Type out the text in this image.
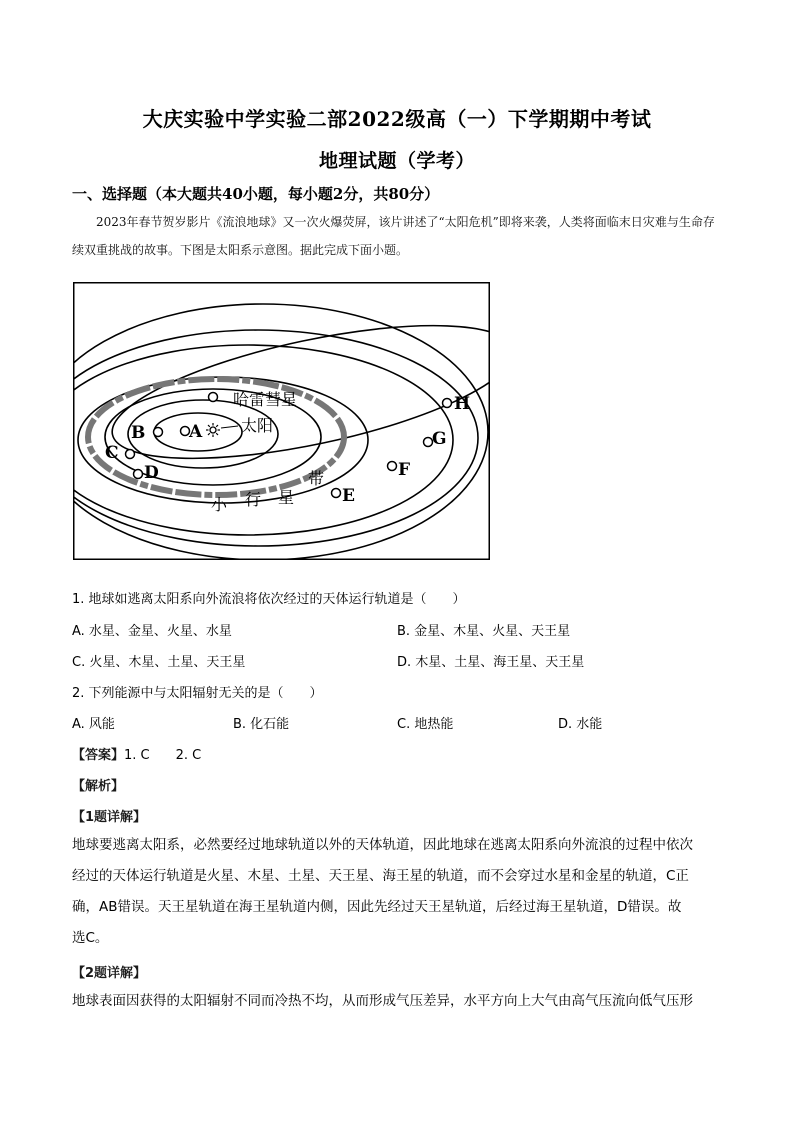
大庆实验中学实验二部2022级高（一）下学期期中考试
地理试题（学考）
一、选择题（本大题共40小题，每小题2分，共80分）
2023年春节贺岁影片《流浪地球》又一次火爆荧屏，该片讲述了“太阳危机”即将来袭，人类将面临末日灾难与生命存续双重挑战的故事。下图是太阳系示意图。据此完成下面小题。
哈雷彗星
太阳
A
B
C
D
E
F
G
H
小 行 星
带
1. 地球如逃离太阳系向外流浪将依次经过的天体运行轨道是（　　）
A. 水星、金星、火星、水星	B. 金星、木星、火星、天王星
C. 火星、木星、土星、天王星	D. 木星、土星、海王星、天王星
2. 下列能源中与太阳辐射无关的是（　　）
A. 风能	B. 化石能	C. 地热能	D. 水能
【答案】1. C　　2. C
【解析】
【1题详解】
地球要逃离太阳系，必然要经过地球轨道以外的天体轨道，因此地球在逃离太阳系向外流浪的过程中依次
经过的天体运行轨道是火星、木星、土星、天王星、海王星的轨道，而不会穿过水星和金星的轨道，C正
确，AB错误。天王星轨道在海王星轨道内侧，因此先经过天王星轨道，后经过海王星轨道，D错误。故
选C。
【2题详解】
地球表面因获得的太阳辐射不同而冷热不均，从而形成气压差异，水平方向上大气由高气压流向低气压形
